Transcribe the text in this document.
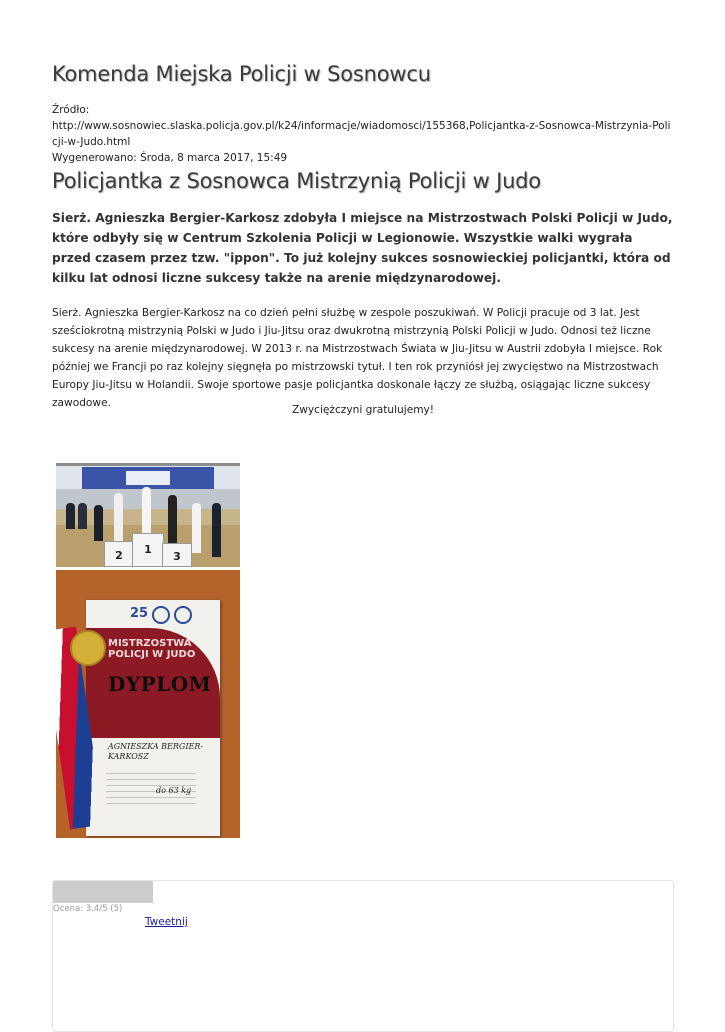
Komenda Miejska Policji w Sosnowcu
Źródło:
http://www.sosnowiec.slaska.policja.gov.pl/k24/informacje/wiadomosci/155368,Policjantka-z-Sosnowca-Mistrzynia-Policji-w-Judo.html
Wygenerowano: Środa, 8 marca 2017, 15:49
Policjantka z Sosnowca Mistrzynią Policji w Judo

Sierż. Agnieszka Bergier-Karkosz zdobyła I miejsce na Mistrzostwach Polski Policji w Judo, które odbyły się w Centrum Szkolenia Policji w Legionowie. Wszystkie walki wygrała przed czasem przez tzw. "ippon". To już kolejny sukces sosnowieckiej policjantki, która od kilku lat odnosi liczne sukcesy także na arenie międzynarodowej.

Sierż. Agnieszka Bergier-Karkosz na co dzień pełni służbę w zespole poszukiwań. W Policji pracuje od 3 lat. Jest sześciokrotną mistrzynią Polski w Judo i Jiu-Jitsu oraz dwukrotną mistrzynią Polski Policji w Judo. Odnosi też liczne sukcesy na arenie międzynarodowej. W 2013 r. na Mistrzostwach Świata w Jiu-Jitsu w Austrii zdobyła I miejsce. Rok później we Francji po raz kolejny sięgnęła po mistrzowski tytuł. I ten rok przyniósł jej zwycięstwo na Mistrzostwach Europy Jiu-Jitsu w Holandii. Swoje sportowe pasje policjantka doskonale łączy ze służbą, osiągając liczne sukcesy zawodowe.

Zwyciężczyni gratulujemy!

2	1
3
25
MISTRZOSTWA POLICJI W JUDO
DYPLOM
AGNIESZKA BERGIER-KARKOSZ
do 63 kg
Ocena: 3.4/5 (5)
Tweetnij
